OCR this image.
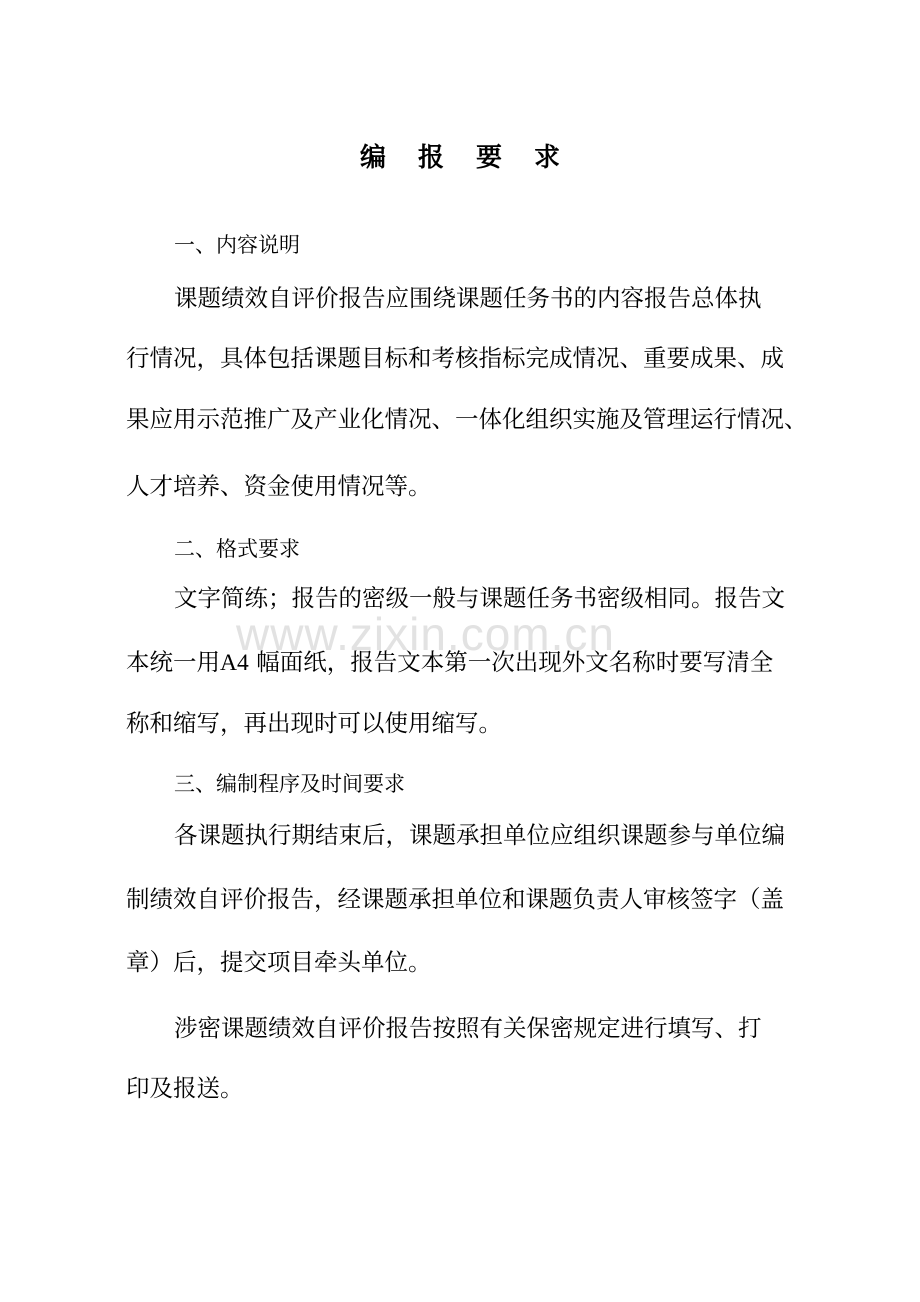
www.zixin.com.cn
编 报 要 求
一、内容说明
课题绩效自评价报告应围绕课题任务书的内容报告总体执
行情况，具体包括课题目标和考核指标完成情况、重要成果、成
果应用示范推广及产业化情况、一体化组织实施及管理运行情况、
人才培养、资金使用情况等。
二、格式要求
文字简练；报告的密级一般与课题任务书密级相同。报告文
本统一用A4 幅面纸，报告文本第一次出现外文名称时要写清全
称和缩写，再出现时可以使用缩写。
三、编制程序及时间要求
各课题执行期结束后，课题承担单位应组织课题参与单位编
制绩效自评价报告，经课题承担单位和课题负责人审核签字（盖
章）后，提交项目牵头单位。
涉密课题绩效自评价报告按照有关保密规定进行填写、打
印及报送。
